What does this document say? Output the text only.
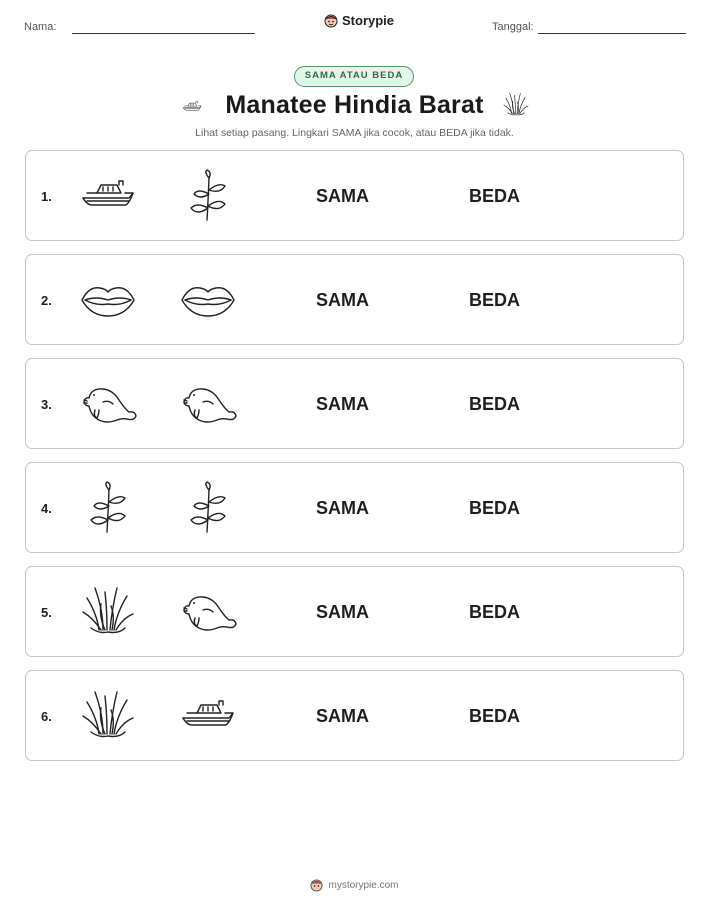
Nama:	Storypie	Tanggal:
SAMA ATAU BEDA
Manatee Hindia Barat
Lihat setiap pasang. Lingkari SAMA jika cocok, atau BEDA jika tidak.
1.	SAMA	BEDA
2.	SAMA	BEDA
3.	SAMA	BEDA
4.	SAMA	BEDA
5.	SAMA	BEDA
6.	SAMA	BEDA
mystorypie.com
